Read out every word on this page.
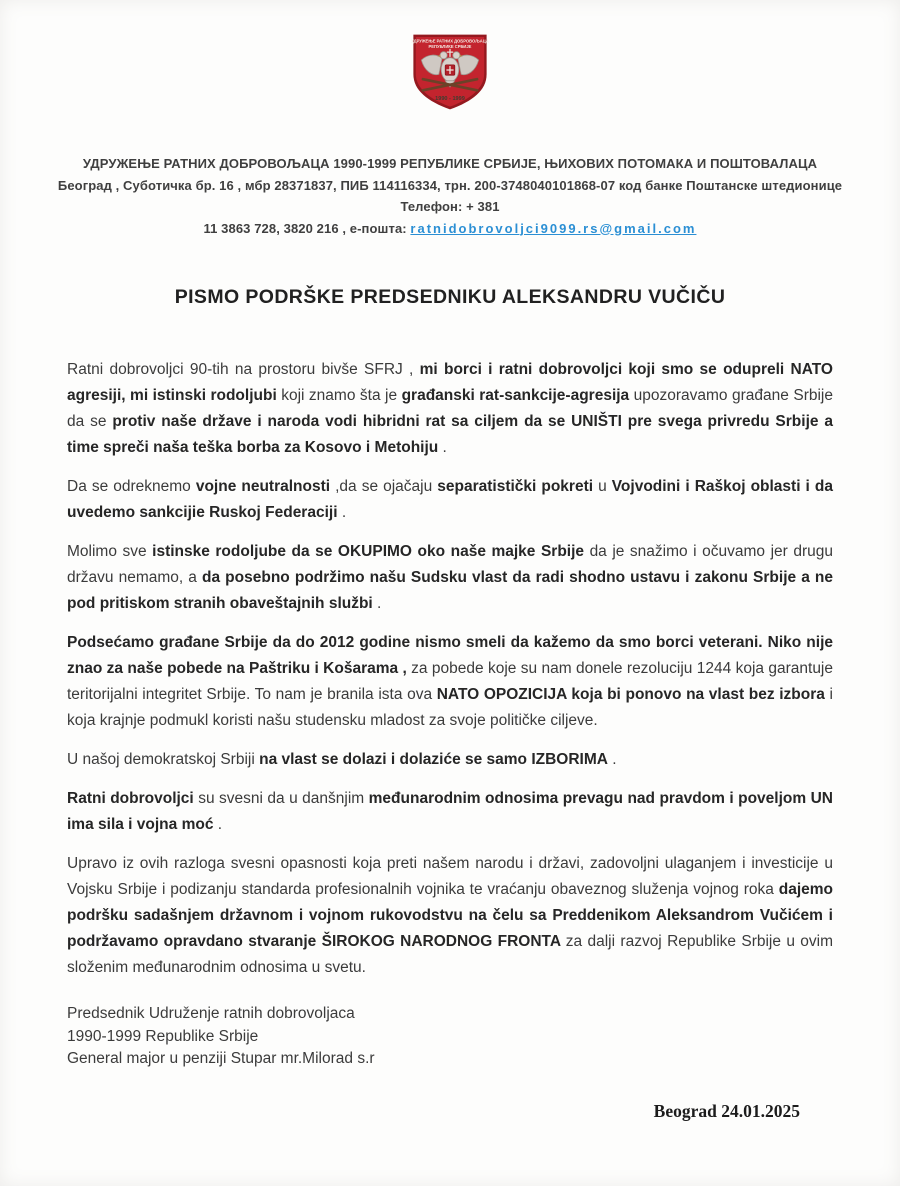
УДРУЖЕЊЕ РАТНИХ ДОБРОВОЉАЦА
РЕПУБЛИКЕ СРБИЈЕ
1990 - 1999
УДРУЖЕЊЕ РАТНИХ ДОБРОВОЉАЦА 1990-1999 РЕПУБЛИКЕ СРБИЈЕ, ЊИХОВИХ ПОТОМАКА И ПОШТОВАЛАЦА
Београд , Суботичка бр. 16 , мбр 28371837, ПИБ 114116334, трн. 200-3748040101868-07 код банке Поштанске штедионице Телефон: + 381
11 3863 728, 3820 216 , е-пошта: ratnidobrovoljci9099.rs@gmail.com
PISMO PODRŠKE PREDSEDNIKU ALEKSANDRU VUČIČU

Ratni dobrovoljci 90-tih na prostoru bivše SFRJ , mi borci i ratni dobrovoljci koji smo se odupreli NATO agresiji, mi istinski rodoljubi koji znamo šta je građanski rat-sankcije-agresija upozoravamo građane Srbije da se protiv naše države i naroda vodi hibridni rat sa ciljem da se UNIŠTI pre svega privredu Srbije a time spreči naša teška borba za Kosovo i Metohiju .

Da se odreknemo vojne neutralnosti ,da se ojačaju separatistički pokreti u Vojvodini i Raškoj oblasti i da uvedemo sankcijie Ruskoj Federaciji .

Molimo sve istinske rodoljube da se OKUPIMO oko naše majke Srbije da je snažimo i očuvamo jer drugu državu nemamo, a da posebno podržimo našu Sudsku vlast da radi shodno ustavu i zakonu Srbije a ne pod pritiskom stranih obaveštajnih službi .

Podsećamo građane Srbije da do 2012 godine nismo smeli da kažemo da smo borci veterani. Niko nije znao za naše pobede na Paštriku i Košarama , za pobede koje su nam donele rezoluciju 1244 koja garantuje teritorijalni integritet Srbije. To nam je branila ista ova NATO OPOZICIJA koja bi ponovo na vlast bez izbora i koja krajnje podmukl koristi našu studensku mladost za svoje političke ciljeve.

U našoj demokratskoj Srbiji na vlast se dolazi i dolaziće se samo IZBORIMA .

Ratni dobrovoljci su svesni da u danšnjim međunarodnim odnosima prevagu nad pravdom i poveljom UN ima sila i vojna moć .

Upravo iz ovih razloga svesni opasnosti koja preti našem narodu i državi, zadovoljni ulaganjem i investicije u Vojsku Srbije i podizanju standarda profesionalnih vojnika te vraćanju obaveznog služenja vojnog roka dajemo podršku sadašnjem državnom i vojnom rukovodstvu na čelu sa Preddenikom Aleksandrom Vučićem i podržavamo opravdano stvaranje ŠIROKOG NARODNOG FRONTA za dalji razvoj Republike Srbije u ovim složenim međunarodnim odnosima u svetu.

Predsednik Udruženje ratnih dobrovoljaca
1990-1999 Republike Srbije
General major u penziji Stupar mr.Milorad s.r
Beograd 24.01.2025
